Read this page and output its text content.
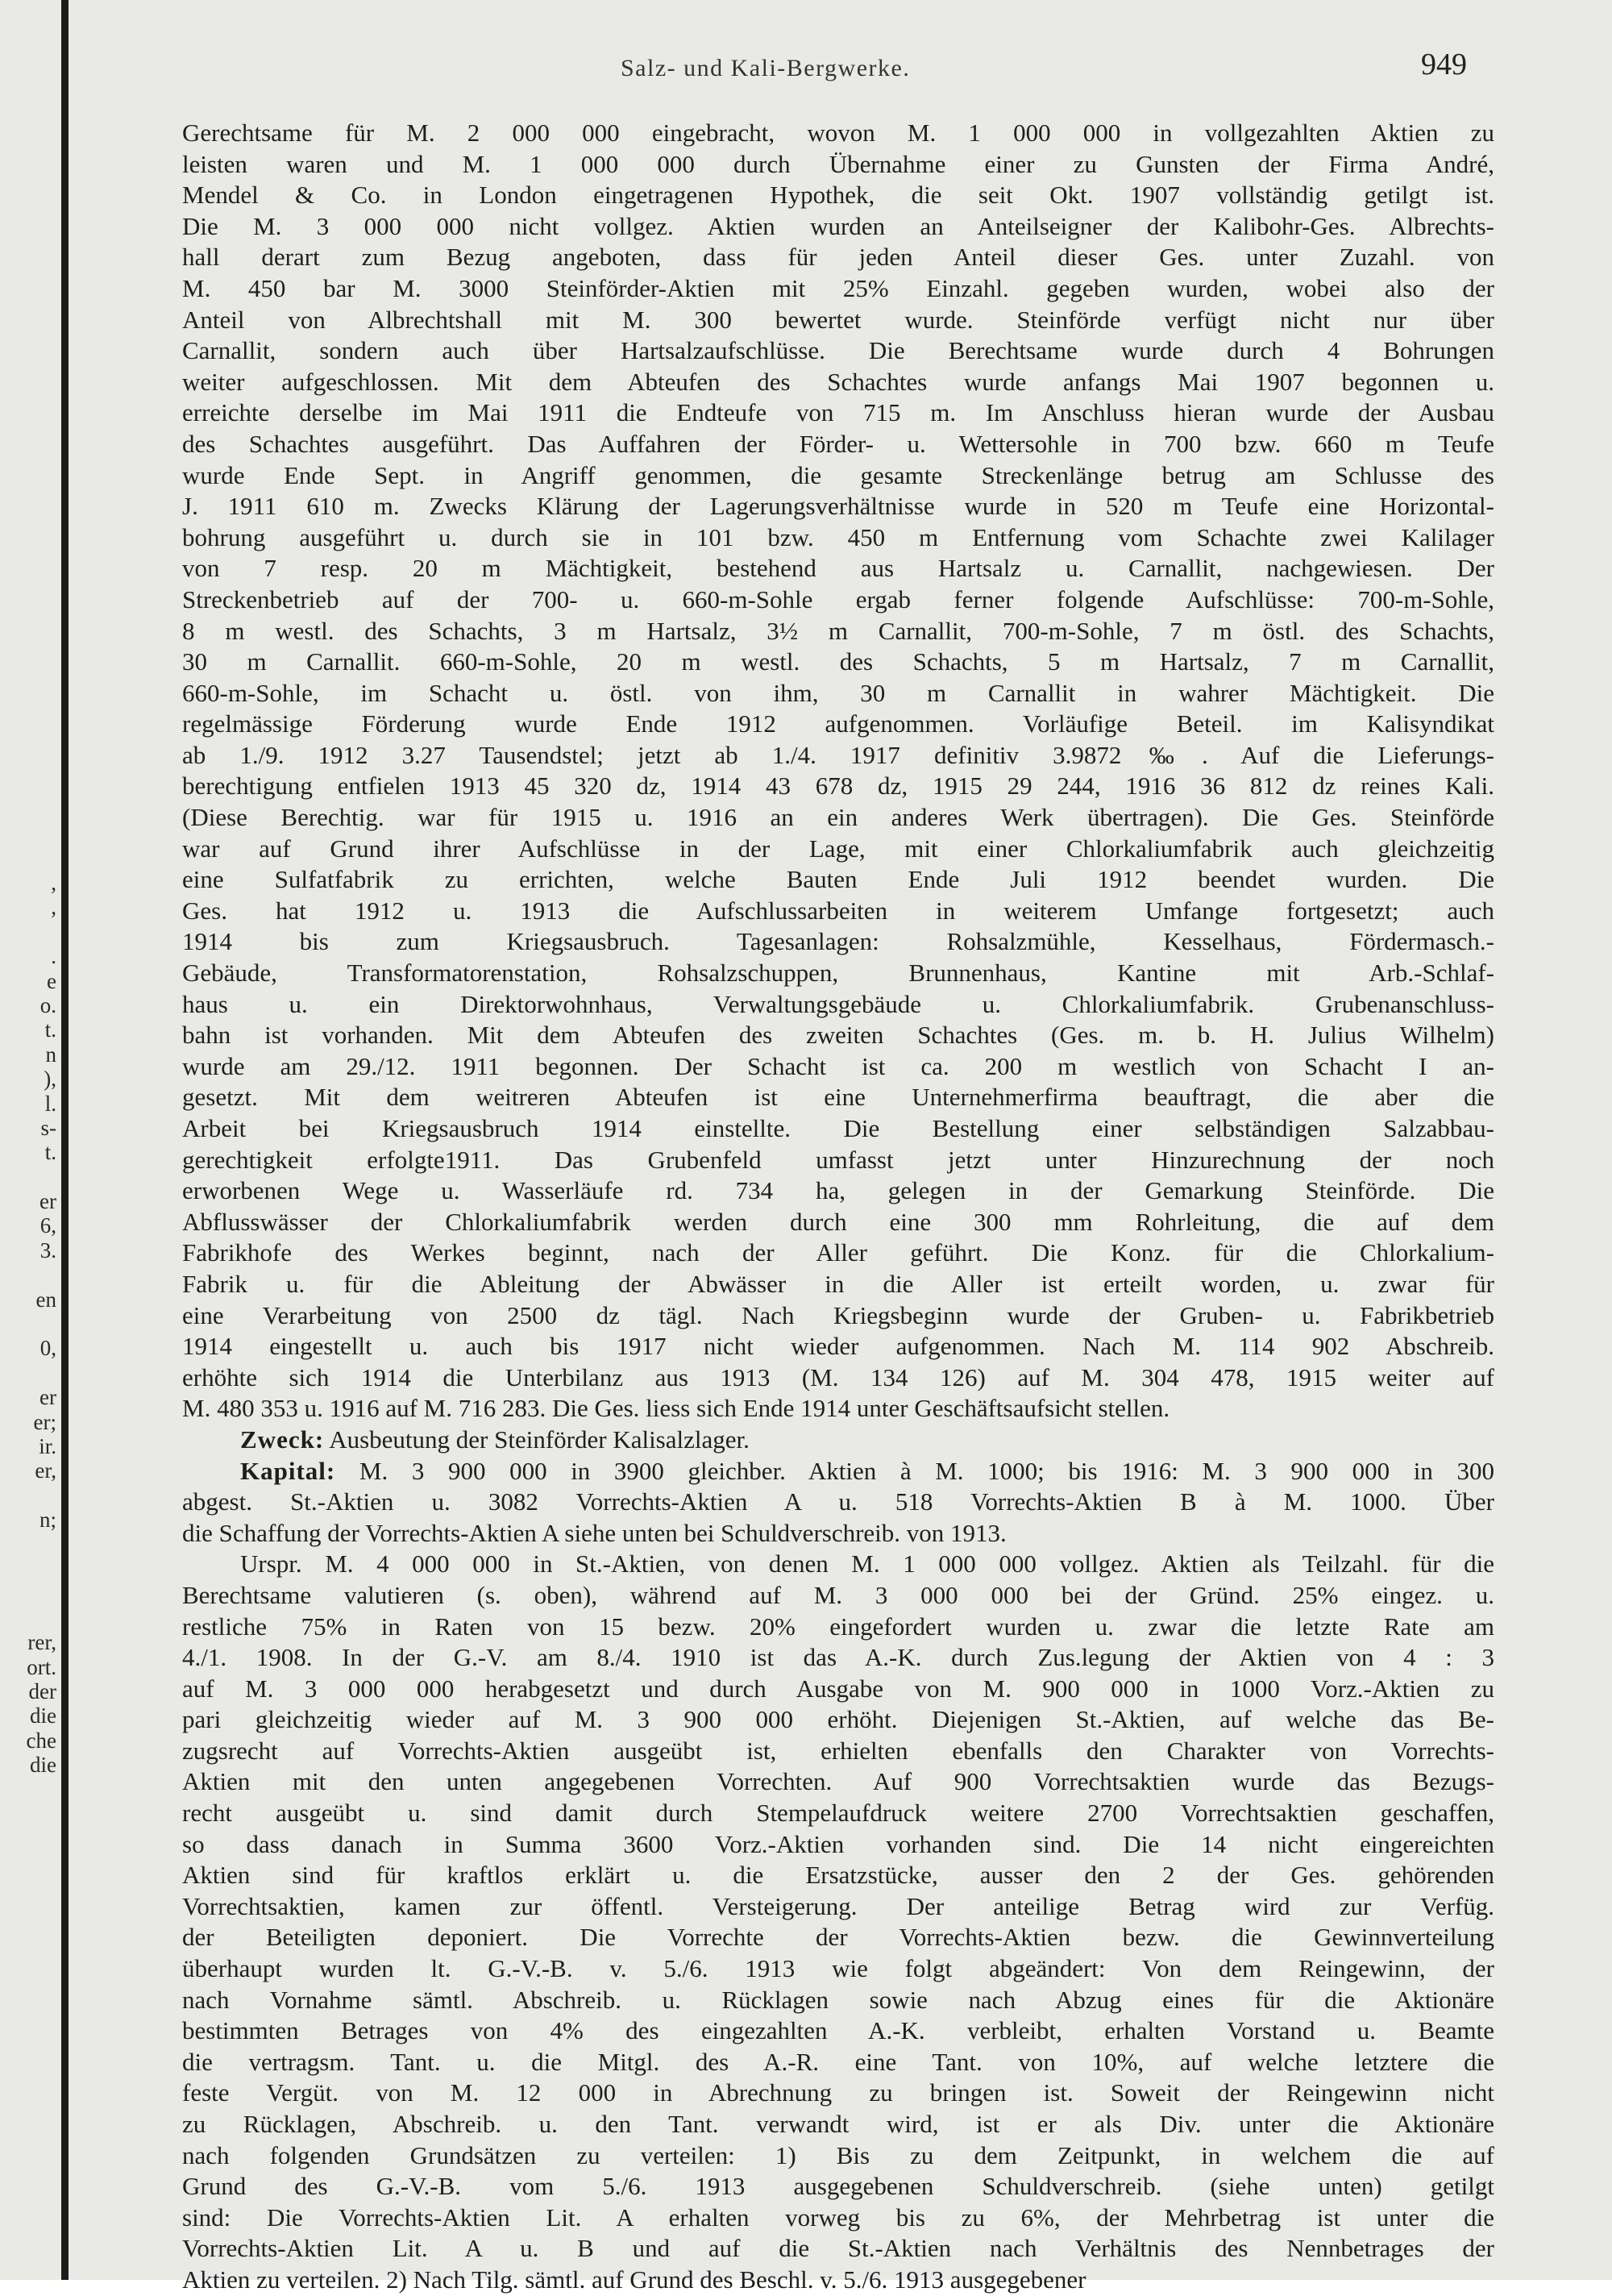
,
,
.
e
o.
t.
n
),
l.
s-
t.
er
6,
3.
en
0,
er
er;
ir.
er,
n;
rer,
ort.
der
die
che
die
Salz- und Kali-Bergwerke.	949
Gerechtsame für M. 2 000 000 eingebracht, wovon M. 1 000 000 in vollgezahlten Aktien zu
leisten waren und M. 1 000 000 durch Übernahme einer zu Gunsten der Firma André,
Mendel & Co. in London eingetragenen Hypothek, die seit Okt. 1907 vollständig getilgt ist.
Die M. 3 000 000 nicht vollgez. Aktien wurden an Anteilseigner der Kalibohr-Ges. Albrechts-
hall derart zum Bezug angeboten, dass für jeden Anteil dieser Ges. unter Zuzahl. von
M. 450 bar M. 3000 Steinförder-Aktien mit 25% Einzahl. gegeben wurden, wobei also der
Anteil von Albrechtshall mit M. 300 bewertet wurde. Steinförde verfügt nicht nur über
Carnallit, sondern auch über Hartsalzaufschlüsse. Die Berechtsame wurde durch 4 Bohrungen
weiter aufgeschlossen. Mit dem Abteufen des Schachtes wurde anfangs Mai 1907 begonnen u.
erreichte derselbe im Mai 1911 die Endteufe von 715 m. Im Anschluss hieran wurde der Ausbau
des Schachtes ausgeführt. Das Auffahren der Förder- u. Wettersohle in 700 bzw. 660 m Teufe
wurde Ende Sept. in Angriff genommen, die gesamte Streckenlänge betrug am Schlusse des
J. 1911 610 m. Zwecks Klärung der Lagerungsverhältnisse wurde in 520 m Teufe eine Horizontal-
bohrung ausgeführt u. durch sie in 101 bzw. 450 m Entfernung vom Schachte zwei Kalilager
von 7 resp. 20 m Mächtigkeit, bestehend aus Hartsalz u. Carnallit, nachgewiesen. Der
Streckenbetrieb auf der 700- u. 660-m-Sohle ergab ferner folgende Aufschlüsse: 700-m-Sohle,
8 m westl. des Schachts, 3 m Hartsalz, 3½ m Carnallit, 700-m-Sohle, 7 m östl. des Schachts,
30 m Carnallit. 660-m-Sohle, 20 m westl. des Schachts, 5 m Hartsalz, 7 m Carnallit,
660-m-Sohle, im Schacht u. östl. von ihm, 30 m Carnallit in wahrer Mächtigkeit. Die
regelmässige Förderung wurde Ende 1912 aufgenommen. Vorläufige Beteil. im Kalisyndikat
ab 1./9. 1912 3.27 Tausendstel; jetzt ab 1./4. 1917 definitiv 3.9872‰. Auf die Lieferungs-
berechtigung entfielen 1913 45 320 dz, 1914 43 678 dz, 1915 29 244, 1916 36 812 dz reines Kali.
(Diese Berechtig. war für 1915 u. 1916 an ein anderes Werk übertragen). Die Ges. Steinförde
war auf Grund ihrer Aufschlüsse in der Lage, mit einer Chlorkaliumfabrik auch gleichzeitig
eine Sulfatfabrik zu errichten, welche Bauten Ende Juli 1912 beendet wurden. Die
Ges. hat 1912 u. 1913 die Aufschlussarbeiten in weiterem Umfange fortgesetzt; auch
1914 bis zum Kriegsausbruch. Tagesanlagen: Rohsalzmühle, Kesselhaus, Fördermasch.-
Gebäude, Transformatorenstation, Rohsalzschuppen, Brunnenhaus, Kantine mit Arb.-Schlaf-
haus u. ein Direktorwohnhaus, Verwaltungsgebäude u. Chlorkaliumfabrik. Grubenanschluss-
bahn ist vorhanden. Mit dem Abteufen des zweiten Schachtes (Ges. m. b. H. Julius Wilhelm)
wurde am 29./12. 1911 begonnen. Der Schacht ist ca. 200 m westlich von Schacht I an-
gesetzt. Mit dem weitreren Abteufen ist eine Unternehmerfirma beauftragt, die aber die
Arbeit bei Kriegsausbruch 1914 einstellte. Die Bestellung einer selbständigen Salzabbau-
gerechtigkeit erfolgte1911. Das Grubenfeld umfasst jetzt unter Hinzurechnung der noch
erworbenen Wege u. Wasserläufe rd. 734 ha, gelegen in der Gemarkung Steinförde. Die
Abflusswässer der Chlorkaliumfabrik werden durch eine 300 mm Rohrleitung, die auf dem
Fabrikhofe des Werkes beginnt, nach der Aller geführt. Die Konz. für die Chlorkalium-
Fabrik u. für die Ableitung der Abwässer in die Aller ist erteilt worden, u. zwar für
eine Verarbeitung von 2500 dz tägl. Nach Kriegsbeginn wurde der Gruben- u. Fabrikbetrieb
1914 eingestellt u. auch bis 1917 nicht wieder aufgenommen. Nach M. 114 902 Abschreib.
erhöhte sich 1914 die Unterbilanz aus 1913 (M. 134 126) auf M. 304 478, 1915 weiter auf
M. 480 353 u. 1916 auf M. 716 283. Die Ges. liess sich Ende 1914 unter Geschäftsaufsicht stellen.
Zweck: Ausbeutung der Steinförder Kalisalzlager.
Kapital: M. 3 900 000 in 3900 gleichber. Aktien à M. 1000; bis 1916: M. 3 900 000 in 300
abgest. St.-Aktien u. 3082 Vorrechts-Aktien A u. 518 Vorrechts-Aktien B à M. 1000. Über
die Schaffung der Vorrechts-Aktien A siehe unten bei Schuldverschreib. von 1913.
Urspr. M. 4 000 000 in St.-Aktien, von denen M. 1 000 000 vollgez. Aktien als Teilzahl. für die
Berechtsame valutieren (s. oben), während auf M. 3 000 000 bei der Gründ. 25% eingez. u.
restliche 75% in Raten von 15 bezw. 20% eingefordert wurden u. zwar die letzte Rate am
4./1. 1908. In der G.-V. am 8./4. 1910 ist das A.-K. durch Zus.legung der Aktien von 4 : 3
auf M. 3 000 000 herabgesetzt und durch Ausgabe von M. 900 000 in 1000 Vorz.-Aktien zu
pari gleichzeitig wieder auf M. 3 900 000 erhöht. Diejenigen St.-Aktien, auf welche das Be-
zugsrecht auf Vorrechts-Aktien ausgeübt ist, erhielten ebenfalls den Charakter von Vorrechts-
Aktien mit den unten angegebenen Vorrechten. Auf 900 Vorrechtsaktien wurde das Bezugs-
recht ausgeübt u. sind damit durch Stempelaufdruck weitere 2700 Vorrechtsaktien geschaffen,
so dass danach in Summa 3600 Vorz.-Aktien vorhanden sind. Die 14 nicht eingereichten
Aktien sind für kraftlos erklärt u. die Ersatzstücke, ausser den 2 der Ges. gehörenden
Vorrechtsaktien, kamen zur öffentl. Versteigerung. Der anteilige Betrag wird zur Verfüg.
der Beteiligten deponiert. Die Vorrechte der Vorrechts-Aktien bezw. die Gewinnverteilung
überhaupt wurden lt. G.-V.-B. v. 5./6. 1913 wie folgt abgeändert: Von dem Reingewinn, der
nach Vornahme sämtl. Abschreib. u. Rücklagen sowie nach Abzug eines für die Aktionäre
bestimmten Betrages von 4% des eingezahlten A.-K. verbleibt, erhalten Vorstand u. Beamte
die vertragsm. Tant. u. die Mitgl. des A.-R. eine Tant. von 10%, auf welche letztere die
feste Vergüt. von M. 12 000 in Abrechnung zu bringen ist. Soweit der Reingewinn nicht
zu Rücklagen, Abschreib. u. den Tant. verwandt wird, ist er als Div. unter die Aktionäre
nach folgenden Grundsätzen zu verteilen: 1) Bis zu dem Zeitpunkt, in welchem die auf
Grund des G.-V.-B. vom 5./6. 1913 ausgegebenen Schuldverschreib. (siehe unten) getilgt
sind: Die Vorrechts-Aktien Lit. A erhalten vorweg bis zu 6%, der Mehrbetrag ist unter die
Vorrechts-Aktien Lit. A u. B und auf die St.-Aktien nach Verhältnis des Nennbetrages der
Aktien zu verteilen. 2) Nach Tilg. sämtl. auf Grund des Beschl. v. 5./6. 1913 ausgegebener
